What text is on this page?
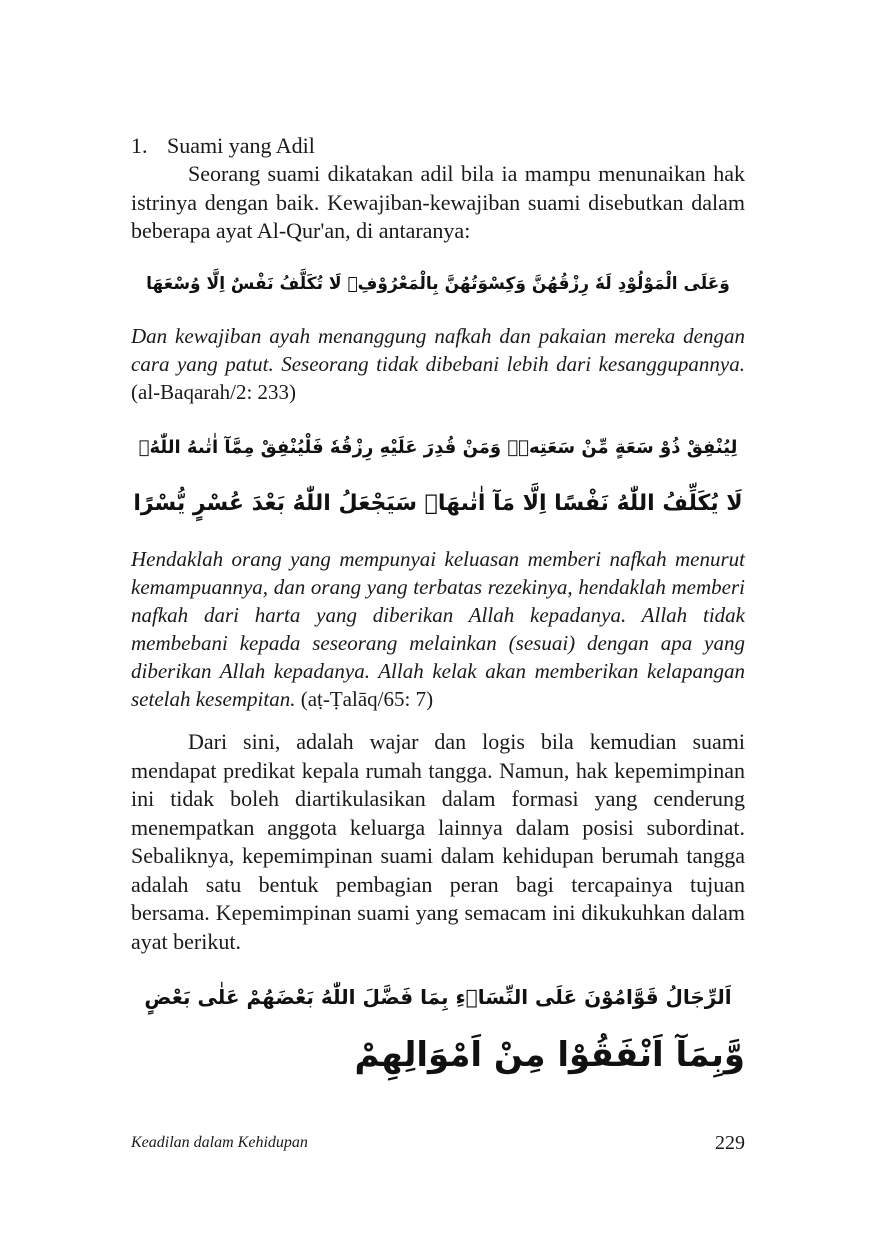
1. Suami yang Adil

Seorang suami dikatakan adil bila ia mampu menunaikan hak istrinya dengan baik. Kewajiban-kewajiban suami disebutkan dalam beberapa ayat Al-Qur'an, di antaranya:

وَعَلَى الْمَوْلُوْدِ لَهٗ رِزْقُهُنَّ وَكِسْوَتُهُنَّ بِالْمَعْرُوْفِۗ لَا تُكَلَّفُ نَفْسٌ اِلَّا وُسْعَهَا

Dan kewajiban ayah menanggung nafkah dan pakaian mereka dengan cara yang patut. Seseorang tidak dibebani lebih dari kesanggupannya. (al-Baqarah/2: 233)

لِيُنْفِقْ ذُوْ سَعَةٍ مِّنْ سَعَتِهٖۗ وَمَنْ قُدِرَ عَلَيْهِ رِزْقُهٗ فَلْيُنْفِقْ مِمَّآ اٰتٰىهُ اللّٰهُۗ
لَا يُكَلِّفُ اللّٰهُ نَفْسًا اِلَّا مَآ اٰتٰىهَاۗ سَيَجْعَلُ اللّٰهُ بَعْدَ عُسْرٍ يُّسْرًا

Hendaklah orang yang mempunyai keluasan memberi nafkah menurut kemampuannya, dan orang yang terbatas rezekinya, hendaklah memberi nafkah dari harta yang diberikan Allah kepadanya. Allah tidak membebani kepada seseorang melainkan (sesuai) dengan apa yang diberikan Allah kepadanya. Allah kelak akan memberikan kelapangan setelah kesempitan. (aṭ-Ṭalāq/65: 7)

Dari sini, adalah wajar dan logis bila kemudian suami mendapat predikat kepala rumah tangga. Namun, hak kepemimpinan ini tidak boleh diartikulasikan dalam formasi yang cenderung menempatkan anggota keluarga lainnya dalam posisi subordinat. Sebaliknya, kepemimpinan suami dalam kehidupan berumah tangga adalah satu bentuk pembagian peran bagi tercapainya tujuan bersama. Kepemimpinan suami yang semacam ini dikukuhkan dalam ayat berikut.

اَلرِّجَالُ قَوَّامُوْنَ عَلَى النِّسَاۤءِ بِمَا فَضَّلَ اللّٰهُ بَعْضَهُمْ عَلٰى بَعْضٍ
وَّبِمَآ اَنْفَقُوْا مِنْ اَمْوَالِهِمْ
Keadilan dalam Kehidupan	229
